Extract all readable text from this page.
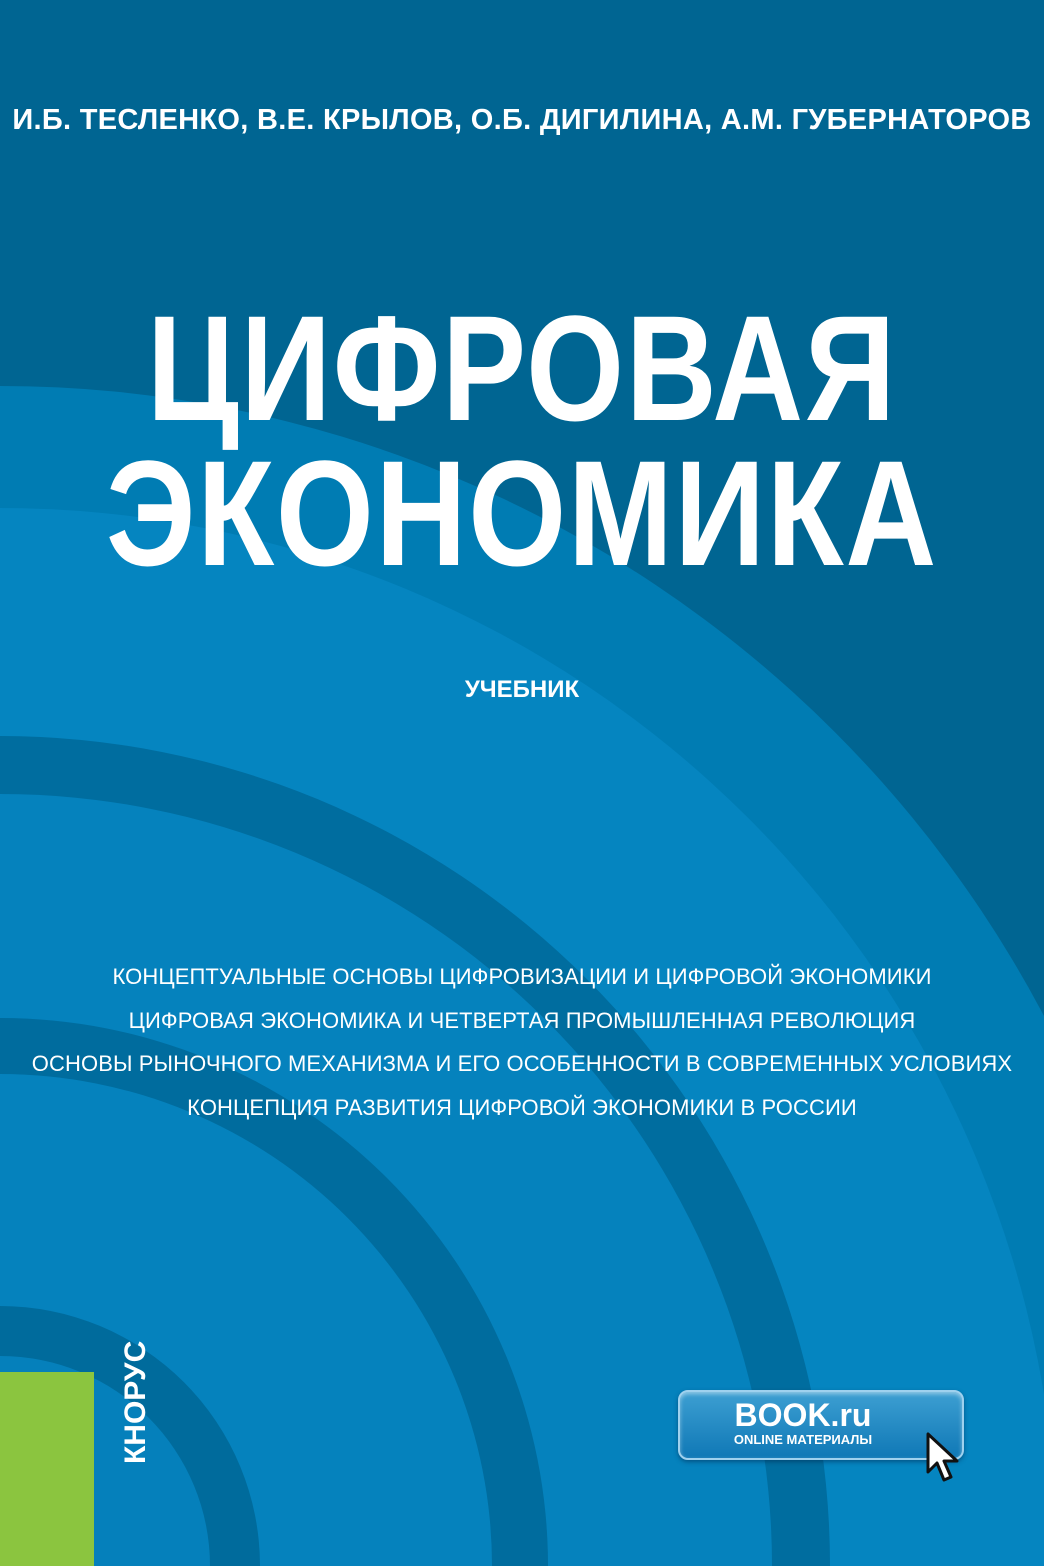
И.Б. ТЕСЛЕНКО, В.Е. КРЫЛОВ, О.Б. ДИГИЛИНА, А.М. ГУБЕРНАТОРОВ
ЦИФРОВАЯ
ЭКОНОМИКА
УЧЕБНИК
КОНЦЕПТУАЛЬНЫЕ ОСНОВЫ ЦИФРОВИЗАЦИИ И ЦИФРОВОЙ ЭКОНОМИКИ
ЦИФРОВАЯ ЭКОНОМИКА И ЧЕТВЕРТАЯ ПРОМЫШЛЕННАЯ РЕВОЛЮЦИЯ
ОСНОВЫ РЫНОЧНОГО МЕХАНИЗМА И ЕГО ОСОБЕННОСТИ В СОВРЕМЕННЫХ УСЛОВИЯХ
КОНЦЕПЦИЯ РАЗВИТИЯ ЦИФРОВОЙ ЭКОНОМИКИ В РОССИИ
КНОРУС	BOOK.ru
ONLINE МАТЕРИАЛЫ
